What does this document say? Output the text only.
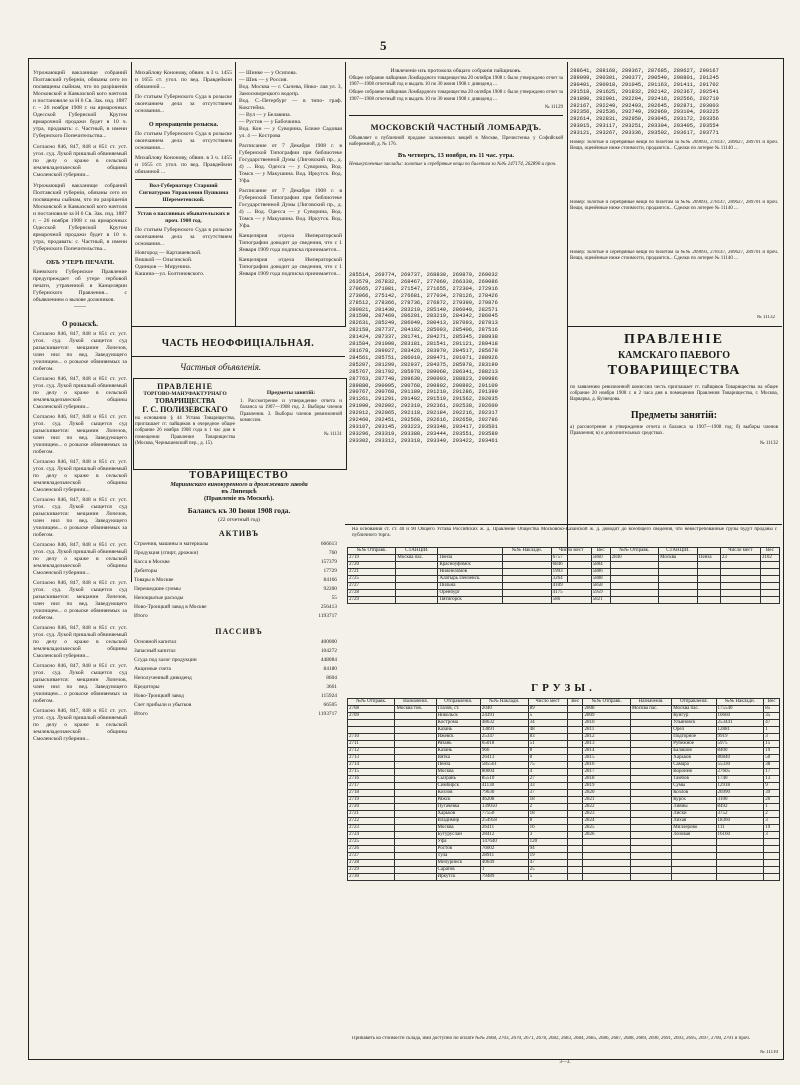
5
Угрожающий вакханище собраний Полтавский губерніи, обязаны сего из посвящены сыйнам, что по разрішенія Московской и Кавказской кого начтоля и постановиле за Н 6 Св. Зак. изд. 1887 г. – 26 ноября 1908 г. на ярмарочных Одесской Губернской Кругом ярмарочной продажи будет в 10 ч. утра, продавать: с. Частный, в имени Губернского Попечительства...
Согласно 846, 847, 848 и 851 ст. уст. угол. суд. Лукой пришлый обвиняемый по делу о краже в сельской землевладельческой общины Смоленской губернии...
Угрожающий вакханище собраний Полтавский губерніи, обязаны сего из посвящены сыйнам, что по разрішенія Московской и Кавказской кого начтоля и постановиле за Н 6 Св. Зак. изд. 1887 г. – 26 ноября 1908 г. на ярмарочных Одесской Губернской Кругом ярмарочной продажи будет в 10 ч. утра, продавать: с. Частный, в имени Губернского Попечительства...
ОБЪ УТЕРѢ ПЕЧАТИ.
Киевского Губернское Правление предупреждает об утере гербовой печати, утраченной в Канцелярии Губернского Правления... с объявлением о вызове должников.
——
О розыскѣ.
Согласно 846, 847, 848 и 851 ст. уст. угол. суд. Лукой сыщется суд разыскивается: мещанин Лопезов, член нил по вед. Заведующего училищем... о розыске обвиняемых за побегом.
Согласно 846, 847, 848 и 851 ст. уст. угол. суд. Лукой пришлый обвиняемый по делу о краже в сельской землевладельческой общины Смоленской губернии...
Согласно 846, 847, 848 и 851 ст. уст. угол. суд. Лукой сыщется суд разыскивается: мещанин Лопезов, член нил по вед. Заведующего училищем... о розыске обвиняемых за побегом.
Согласно 846, 847, 848 и 851 ст. уст. угол. суд. Лукой пришлый обвиняемый по делу о краже в сельской землевладельческой общины Смоленской губернии...
Согласно 846, 847, 848 и 851 ст. уст. угол. суд. Лукой сыщется суд разыскивается: мещанин Лопезов, член нил по вед. Заведующего училищем... о розыске обвиняемых за побегом.
Согласно 846, 847, 848 и 851 ст. уст. угол. суд. Лукой пришлый обвиняемый по делу о краже в сельской землевладельческой общины Смоленской губернии...
Согласно 846, 847, 848 и 851 ст. уст. угол. суд. Лукой сыщется суд разыскивается: мещанин Лопезов, член нил по вед. Заведующего училищем... о розыске обвиняемых за побегом.
Согласно 846, 847, 848 и 851 ст. уст. угол. суд. Лукой пришлый обвиняемый по делу о краже в сельской землевладельческой общины Смоленской губернии...
Согласно 846, 847, 848 и 851 ст. уст. угол. суд. Лукой сыщется суд разыскивается: мещанин Лопезов, член нил по вед. Заведующего училищем... о розыске обвиняемых за побегом.
Согласно 846, 847, 848 и 851 ст. уст. угол. суд. Лукой пришлый обвиняемый по делу о краже в сельской землевладельческой общины Смоленской губернии...
Михайлову Кононову, обвин. в 3 ч. 1455 и 1655 ст. угол. по вед. Правдейкин обязанной ...
По статьям Губернского Суда в розыске окончанием дела за отсутствием основания...
О прекращеніи розыска.
По статьям Губернского Суда в розыске окончанием дела за отсутствием основания...
Михайлову Кононову, обвин. в 3 ч. 1455 и 1655 ст. угол. по вед. Правдейкин обязанной ...
Вол-Губернатору Старший Сигнатурою Управления Пушкина Шереметевской.
Устав о пассивных обывательских и проч. 1908 год.
По статьям Губернского Суда в розыске окончанием дела за отсутствием основания...
Новгород — Карташевской.
Вишкой — Ольгинской.
Одинцов — Мирунина.
Кашина—ул. Болтиновского.
— Шинке — у Осипова.
— Шик — у Россия.
Вод. Москва — г. Сычева, Нико- лая ул. 3, Замоскворецкого водопр.
Вод. С.-Петербург — в типо- граф. Кокстейна.
— Вул — у Белавина.
— Рустов — у Бабочкина.
Вод. Кон — у Суворина, Ближе Садовая ул. 4 — Кострова
Расписание от 7 Декабря 1908 г. в Губернской Типографии при библиотеке Государственной Думы (Лиговский пр., д. 4) ... Вод. Одесса — у Суворина, Вод. Томск — у Макушина. Вод. Иркутск. Вод. Уфа.
Расписание от 7 Декабря 1908 г. в Губернской Типографии при библиотеке Государственной Думы (Лиговский пр., д. 4) ... Вод. Одесса — у Суворина, Вод. Томск — у Макушина. Вод. Иркутск. Вод. Уфа.
Канцелярия отдела Императорской Типографии доводит до сведения, что с 1 Января 1909 года подписка принимается...
Канцелярия отдела Императорской Типографии доводит до сведения, что с 1 Января 1909 года подписка принимается...
ЧАСТЬ НЕОФФИЦІАЛЬНАЯ.
Частныя объявленія.
ПРАВЛЕНІЕ
ТОРГОВО-МАНУФАКТУРНАГО
ТОВАРИЩЕСТВА
Г. С. ПОЛИЗЕВСКАГО
на основании § 44 Устава Товарищества, приглашает гг. пайщиков в очередное общее собрание 26 ноября 1908 года в 1 час дня в помещении Правления Товарищества (Москва, Чернышевский пер., д. 15).
Предметы занятій:
1. Рассмотрение и утверждение отчета и баланса за 1907—1908 год. 2. Выборы членов Правления. 3. Выборы членов ревизионной комиссии.
№ 11131
ТОВАРИЩЕСТВО
Мариинскаго винокуренного и дрожжеваго завода
въ Липецкѣ
(Правленіе въ Москвѣ).
Балансъ къ 30 Іюня 1908 года.
(22 отчетный год)
АКТИВЪ
Строения, машины и материалы	666613
Продукция (спирт, дрожжи)	760
Касса в Москве	157379
Дебиторы	17729
Товары в Москве	84166
Перешедшие суммы	92200
Непокрытые расходы	55
Ново-Троицкий завод в Москве	256413
Итого	1193717
ПАССИВЪ
Основной капитал	400000
Запасный капитал	104272
Ссуда под залог продукции	448084
Акцизные счета	84180
Неполученный дивиденд	8604
Кредиторы	3661
Ново-Троицкий завод	115924
Счет прибыли и убытков	66505
Итого	1193717
Извлеченіе изъ протокола общаго собранія пайщиковъ.
Общее собрание пайщиков Ломбардного товарищества 20 октября 1908 г. было утверждено отчет за 1907—1908 отчетный год и выдать 10 по 30 июня 1908 г. дивиденд ...
Общее собрание пайщиков Ломбардного товарищества 20 октября 1908 г. было утверждено отчет за 1907—1908 отчетный год и выдать 10 по 30 июня 1908 г. дивиденд ...
№ 11129
МОСКОВСКІЙ ЧАСТНЫЙ ЛОМБАРДЪ.
Объявляет о публичной продаже заложенных вещей в Москве, Пречистенка у Софийской набережной, д. № 176.
Въ четвергъ, 13 ноября, въ 11 час. утра.
Невыкупленные заклады: золотые и серебряные вещи по билетам за №№ 247174, 262890 и проч.
285514, 269774, 269737, 268830, 269879, 269032
263579, 267832, 268467, 277069, 266330, 269086
270665, 271081, 271547, 271655, 272304, 272916
273066, 275142, 276681, 277034, 278126, 278426
278512, 278366, 278736, 276872, 279390, 279876
280021, 281430, 283219, 285149, 286049, 282571
281598, 287469, 286201, 283219, 284342, 286045
282631, 285249, 286049, 280413, 287093, 287813
282158, 287737, 284102, 285093, 285406, 287516
281424, 287337, 281741, 284271, 285345, 288938
281584, 291098, 283181, 281541, 291121, 289418
281678, 289027, 283426, 283970, 284517, 285678
284561, 285751, 286010, 289471, 291071, 288926
285207, 281299, 282937, 284375, 285978, 283190
285767, 281792, 285978, 289068, 286341, 288213
287763, 287748, 289630, 290003, 288823, 290986
289880, 290095, 290768, 290802, 290892, 291109
290767, 290768, 291189, 291210, 291286, 291399
291261, 291291, 291402, 291519, 291562, 292035
291990, 292092, 292319, 292361, 292538, 292600
292012, 292065, 292118, 292184, 292216, 292317
292460, 292451, 292568, 292616, 292650, 292786
293107, 293145, 293223, 293348, 293417, 293501
293296, 293319, 293388, 293444, 293551, 293589
293302, 293312, 293318, 293349, 293422, 293461
288641, 288168, 289367, 287685, 289627, 290167
289099, 290301, 290377, 290540, 290801, 291245
290401, 290918, 291045, 291163, 291411, 291702
291518, 291625, 291832, 292142, 292367, 292541
291890, 292001, 292204, 292416, 292566, 292719
292167, 292249, 292493, 292645, 292871, 293003
292356, 292536, 292749, 292969, 293104, 293225
292614, 292831, 292950, 293045, 293172, 293356
293015, 293117, 293251, 293304, 293405, 293554
293121, 293267, 293336, 293502, 293617, 293771
Номер: золотые и серебряные вещи по билетам за №№ 269093, 278147, 289627, 289701 и проч. Вещи, оценённые ниже стоимости, продаются... Сделки по лотерее № 11140 ...
Номер: золотые и серебряные вещи по билетам за №№ 269093, 278147, 289627, 289701 и проч. Вещи, оценённые ниже стоимости, продаются... Сделки по лотерее № 11140 ...
Номер: золотые и серебряные вещи по билетам за №№ 269093, 278147, 289627, 289701 и проч. Вещи, оценённые ниже стоимости, продаются... Сделки по лотерее № 11140 ...
№ 11132
ПРАВЛЕНІЕ
КАМСКАГО ПАЕВОГО
ТОВАРИЩЕСТВА
по заявлению ревизионной комиссии честь приглашает гг. пайщиков Товарищества на общее собрание 20 ноября 1908 г. в 2 часа дня в помещении Правления Товарищества, г. Москва, Варварка, д. Кузнецова.
Предметы занятій:
а) рассмотрение и утверждение отчета и баланса за 1907—1908 год; б) выборы членов Правления; в) о дополнительных средствах.
№ 11132
На основании ст. ст. 40 и 90 Общего Устава Российских ж. д. Правление Общества Московско-Казанской ж. д. доводит до всеобщего сведения, что невостребованные грузы будут проданы с публичного торга.
№№ Отправк.	СТАНЦІИ.		№№ Накладн.	Число мест	Вес	№№ Отправк.	СТАНЦІИ.		Число мест	Вес
2719	Москва пас.	Пенза		6757	5860	2840	Москва	Пенза	23	3102
2720		Красноуфимск		6846	5884					
2721		Нижнеломов		1993	5886					
2725		Алатырь Пензенск.		3264	5888					
2727		Пильна		4109	5858					
2728		Оренбург		4175	5959					
2729		Пятигорск		586	5821					
ГРУЗЫ.
№№ Отправк.	Назначенія.	Отправленія.	№№ Накладн.	Число мест	Вес	№№ Отправк.	Назначенія.	Отправленія.	№№ Накладн.	Вес
2708	Москва тов.	Глазов, ст.	2040	89		2808	Москва пас.	Москва пас.	175540	85
2709		Никольск	24391	5		2809		Кунгур	10660	35
		Кострома	48632	34		2810		Ульяновск	253441	47
		Казань	13891	48		2811		Орел	12881	1
2710		Ижевск	25347	83		2812		Подгорное	9919	3
2711		Рязань	65018	51		2813		Рубежное	5975	15
2712		Казань	966	8		2814		Балашов	8400	19
2713		Вятка	26413	8		2815		Харьков	86840	50
2714		Пенза	585561	75		2816		Самара	55330	38
2715		Москва	80004	4		2817		Воронеж	27605	17
2716		Сызрань	85510	27		2818		Тамбов	1740	13
2717		Симбирск	41130	33		2819		Сумы	12918	9
2718		Козлов	79630	37		2820		Козлов	26990	39
2719		Ряжск	46208	18		2821		Курск	3100	20
2720		Пугачевка	139050	2		2822		Ливны	8492	1
2721		Харьков	77550	18		2823		Лиски	3752	2
2722		Владимир	254958	8		2824		Лихая	18360	3
2723		Москва	26411	16		2825		Миллерово	111	19
2724		Бугуруслан	28412	3		2826		Лозовая	16160	3
2725		Уфа	147640	120						
2726		Ростов	76002	94						
2727		Тула	28911	19						
2728		Мичуринск	40649	47						
2729		Саратов	1	25						
2730		Иркутск	79489	5						
Прибавить ко стоимости склада, ими доступно по оплате №№ 2668, 2703, 2670, 2671, 2678, 2682, 2683, 2684, 2685, 2686, 2687, 2688, 2689, 2690, 2691, 2693, 2695, 2697, 2700, 2701 и проч.
№ 11110
3—3.
